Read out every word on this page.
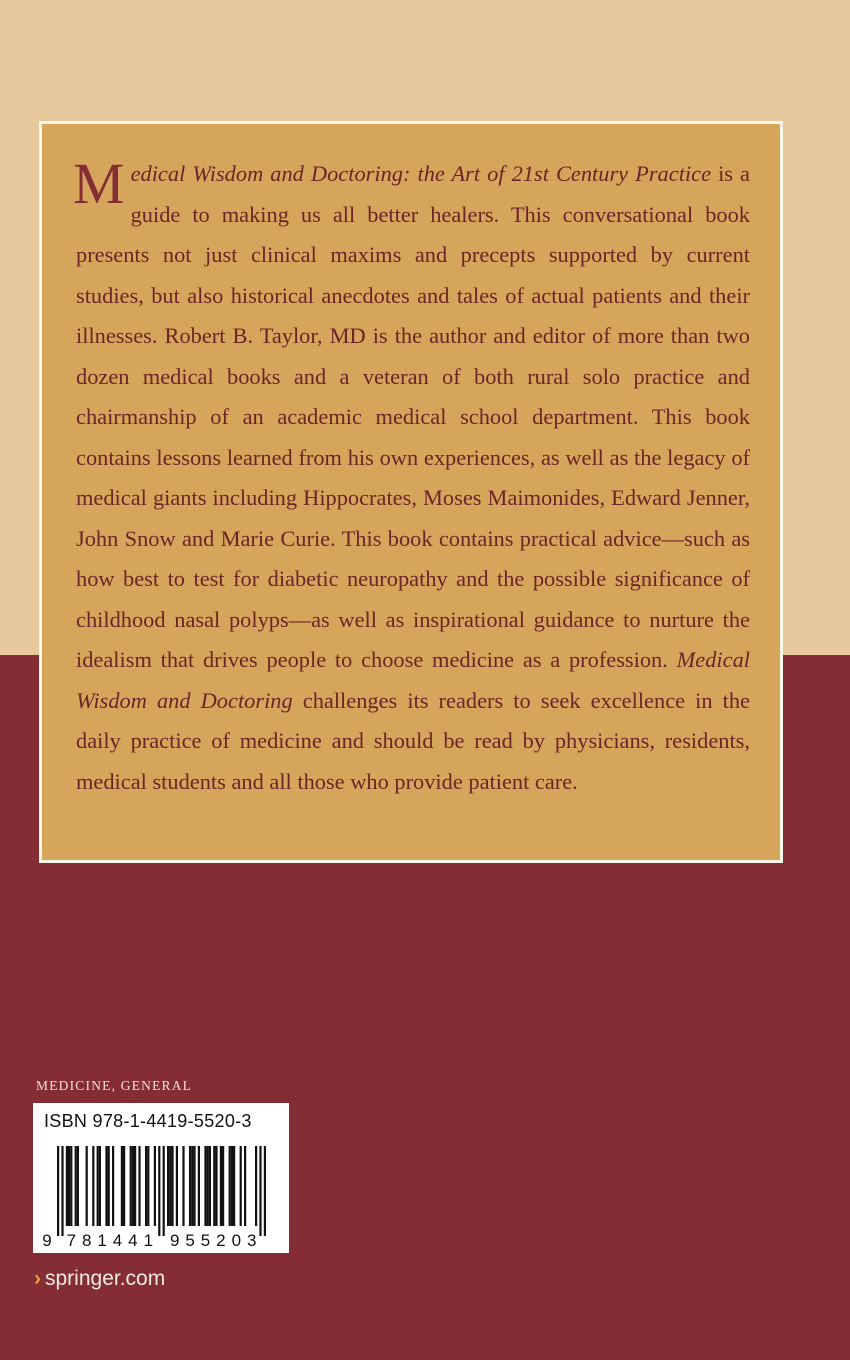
Medical Wisdom and Doctoring: the Art of 21st Century Practice is a guide to making us all better healers. This conversational book presents not just clinical maxims and precepts supported by current studies, but also historical anecdotes and tales of actual patients and their illnesses. Robert B. Taylor, MD is the author and editor of more than two dozen medical books and a veteran of both rural solo practice and chairmanship of an academic medical school department. This book contains lessons learned from his own experiences, as well as the legacy of medical giants including Hippocrates, Moses Maimonides, Edward Jenner, John Snow and Marie Curie. This book contains practical advice—such as how best to test for diabetic neuropathy and the possible significance of childhood nasal polyps—as well as inspirational guidance to nurture the idealism that drives people to choose medicine as a profession. Medical Wisdom and Doctoring challenges its readers to seek excellence in the daily practice of medicine and should be read by physicians, residents, medical students and all those who provide patient care.

MEDICINE, GENERAL
ISBN 978-1-4419-5520-3
9 7 8 1 4 4 1 9 5 5 2 0 3
› springer.com
